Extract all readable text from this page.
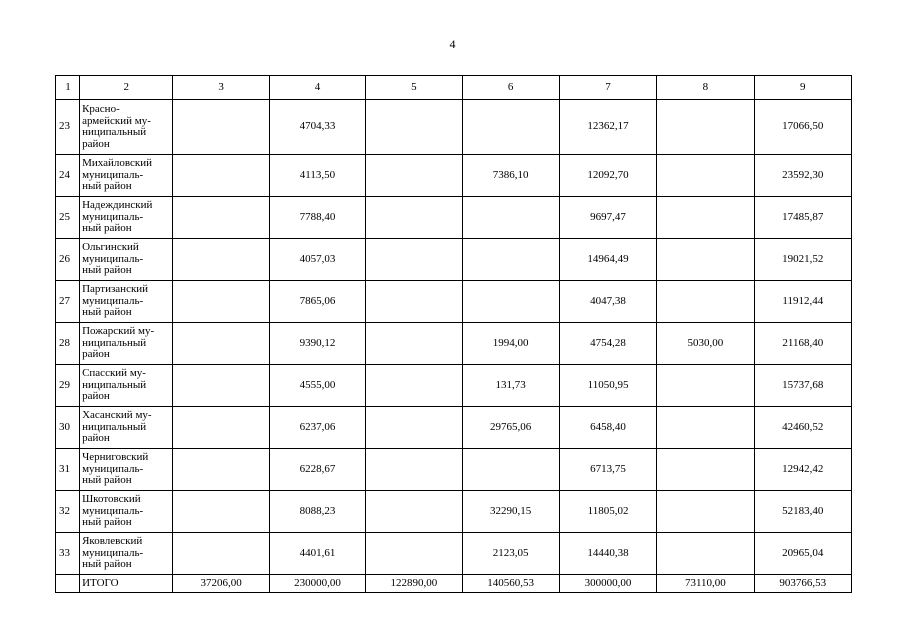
4
1	2	3	4	5	6	7	8	9
23	Красно-
армейский му-
ниципальный
район		4704,33			12362,17		17066,50
24	Михайловский
муниципаль-
ный район		4113,50		7386,10	12092,70		23592,30
25	Надеждинский
муниципаль-
ный район		7788,40			9697,47		17485,87
26	Ольгинский
муниципаль-
ный район		4057,03			14964,49		19021,52
27	Партизанский
муниципаль-
ный район		7865,06			4047,38		11912,44
28	Пожарский му-
ниципальный
район		9390,12		1994,00	4754,28	5030,00	21168,40
29	Спасский му-
ниципальный
район		4555,00		131,73	11050,95		15737,68
30	Хасанский му-
ниципальный
район		6237,06		29765,06	6458,40		42460,52
31	Черниговский
муниципаль-
ный район		6228,67			6713,75		12942,42
32	Шкотовский
муниципаль-
ный район		8088,23		32290,15	11805,02		52183,40
33	Яковлевский
муниципаль-
ный район		4401,61		2123,05	14440,38		20965,04
	ИТОГО	37206,00	230000,00	122890,00	140560,53	300000,00	73110,00	903766,53
